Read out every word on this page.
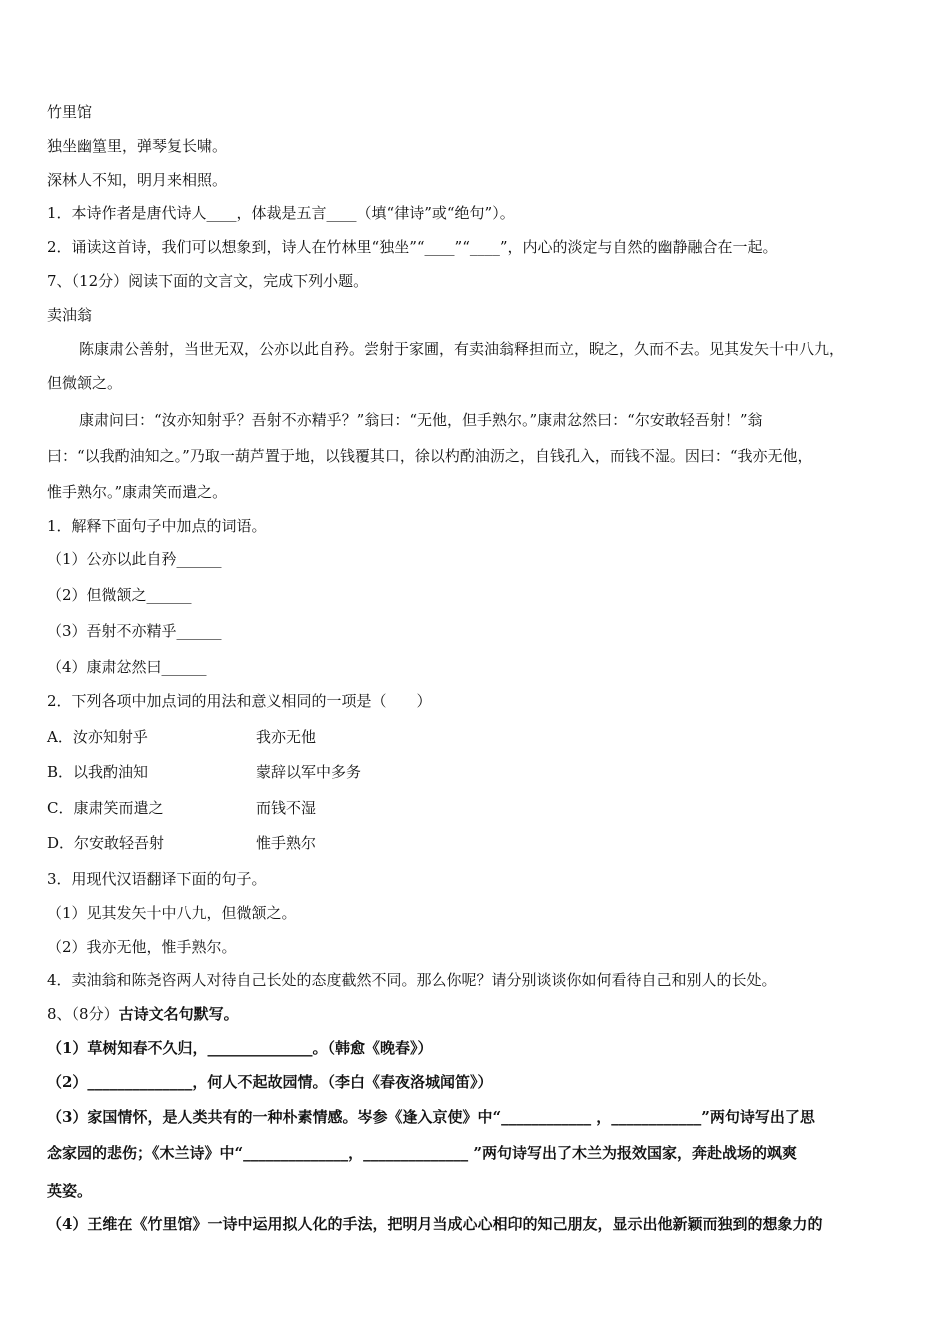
竹里馆
独坐幽篁里，弹琴复长啸。
深林人不知，明月来相照。
1．本诗作者是唐代诗人____，体裁是五言____（填“律诗”或“绝句”）。
2．诵读这首诗，我们可以想象到，诗人在竹林里“独坐”“____”“____”，内心的淡定与自然的幽静融合在一起。
7、（12分）阅读下面的文言文，完成下列小题。
卖油翁
陈康肃公善射，当世无双，公亦以此自矜。尝射于家圃，有卖油翁释担而立，睨之，久而不去。见其发矢十中八九，
但微颔之。
康肃问曰：“汝亦知射乎？吾射不亦精乎？”翁曰：“无他，但手熟尔。”康肃忿然曰：“尔安敢轻吾射！”翁
曰：“以我酌油知之。”乃取一葫芦置于地，以钱覆其口，徐以杓酌油沥之，自钱孔入，而钱不湿。因曰：“我亦无他，
惟手熟尔。”康肃笑而遣之。
1．解释下面句子中加点的词语。
（1）公亦以此自矜______
（2）但微颔之______
（3）吾射不亦精乎______
（4）康肃忿然曰______
2．下列各项中加点词的用法和意义相同的一项是（　　）
A．汝亦知射乎	我亦无他
B．以我酌油知	蒙辞以军中多务
C．康肃笑而遣之	而钱不湿
D．尔安敢轻吾射	惟手熟尔
3．用现代汉语翻译下面的句子。
（1）见其发矢十中八九，但微颔之。
（2）我亦无他，惟手熟尔。
4．卖油翁和陈尧咨两人对待自己长处的态度截然不同。那么你呢？请分别谈谈你如何看待自己和别人的长处。
8、（8分）古诗文名句默写。
（1）草树知春不久归，______________。（韩愈《晚春》）
（2）______________，何人不起故园情。（李白《春夜洛城闻笛》）
（3）家国情怀，是人类共有的一种朴素情感。岑参《逢入京使》中“____________ ，____________”两句诗写出了思
念家园的悲伤；《木兰诗》中“______________，______________ ”两句诗写出了木兰为报效国家，奔赴战场的飒爽
英姿。
（4）王维在《竹里馆》一诗中运用拟人化的手法，把明月当成心心相印的知己朋友，显示出他新颖而独到的想象力的
